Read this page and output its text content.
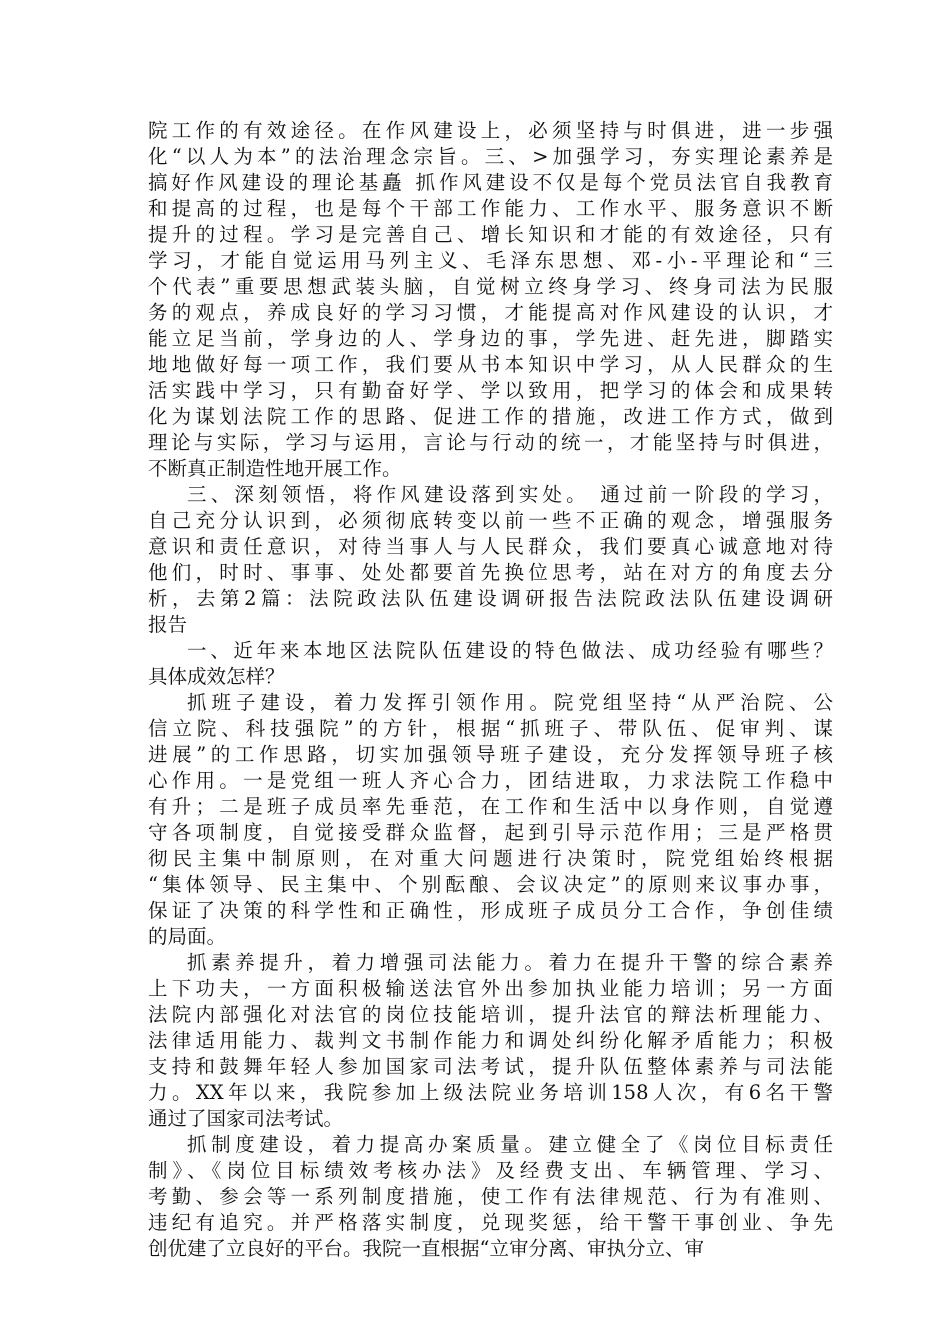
院工作的有效途径。在作风建设上，必须坚持与时俱进，进一步强
化“以人为本”的法治理念宗旨。三、>加强学习，夯实理论素养是
搞好作风建设的理论基矗 抓作风建设不仅是每个党员法官自我教育
和提高的过程，也是每个干部工作能力、工作水平、服务意识不断
提升的过程。学习是完善自己、增长知识和才能的有效途径，只有
学习，才能自觉运用马列主义、毛泽东思想、邓-小-平理论和“三
个代表”重要思想武装头脑，自觉树立终身学习、终身司法为民服
务的观点，养成良好的学习习惯，才能提高对作风建设的认识，才
能立足当前，学身边的人、学身边的事，学先进、赶先进，脚踏实
地地做好每一项工作，我们要从书本知识中学习，从人民群众的生
活实践中学习，只有勤奋好学、学以致用，把学习的体会和成果转
化为谋划法院工作的思路、促进工作的措施，改进工作方式，做到
理论与实际，学习与运用，言论与行动的统一，才能坚持与时俱进，
不断真正制造性地开展工作。
三、深刻领悟，将作风建设落到实处。 通过前一阶段的学习，
自己充分认识到，必须彻底转变以前一些不正确的观念，增强服务
意识和责任意识，对待当事人与人民群众，我们要真心诚意地对待
他们，时时、事事、处处都要首先换位思考，站在对方的角度去分
析，去第2篇：法院政法队伍建设调研报告法院政法队伍建设调研
报告
一、近年来本地区法院队伍建设的特色做法、成功经验有哪些？
具体成效怎样？
抓班子建设，着力发挥引领作用。院党组坚持“从严治院、公
信立院、科技强院”的方针，根据“抓班子、带队伍、促审判、谋
进展”的工作思路，切实加强领导班子建设，充分发挥领导班子核
心作用。一是党组一班人齐心合力，团结进取，力求法院工作稳中
有升；二是班子成员率先垂范，在工作和生活中以身作则，自觉遵
守各项制度，自觉接受群众监督，起到引导示范作用；三是严格贯
彻民主集中制原则，在对重大问题进行决策时，院党组始终根据
“集体领导、民主集中、个别酝酿、会议决定”的原则来议事办事，
保证了决策的科学性和正确性，形成班子成员分工合作，争创佳绩
的局面。
抓素养提升，着力增强司法能力。着力在提升干警的综合素养
上下功夫，一方面积极输送法官外出参加执业能力培训；另一方面
法院内部强化对法官的岗位技能培训，提升法官的辩法析理能力、
法律适用能力、裁判文书制作能力和调处纠纷化解矛盾能力；积极
支持和鼓舞年轻人参加国家司法考试，提升队伍整体素养与司法能
力。XX年以来，我院参加上级法院业务培训158人次，有6名干警
通过了国家司法考试。
抓制度建设，着力提高办案质量。建立健全了《岗位目标责任
制》、《岗位目标绩效考核办法》及经费支出、车辆管理、学习、
考勤、参会等一系列制度措施，使工作有法律规范、行为有准则、
违纪有追究。并严格落实制度，兑现奖惩，给干警干事创业、争先
创优建了立良好的平台。我院一直根据“立审分离、审执分立、审
